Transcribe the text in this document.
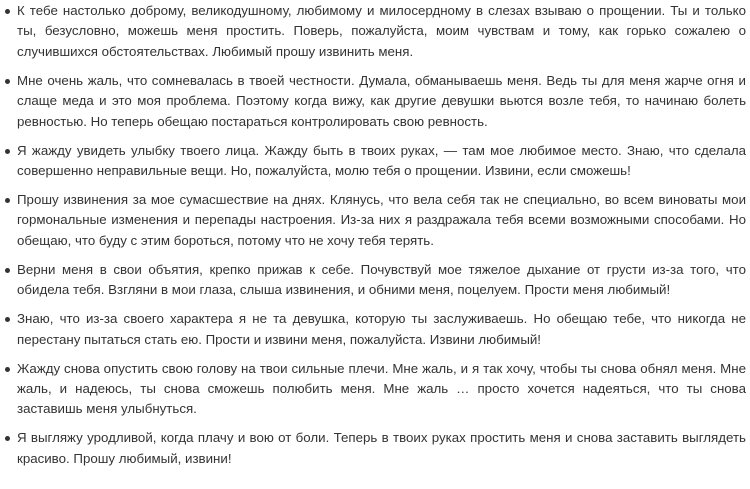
К тебе настолько доброму, великодушному, любимому и милосердному в слезах взываю о прощении. Ты и только ты, безусловно, можешь меня простить. Поверь, пожалуйста, моим чувствам и тому, как горько сожалею о случившихся обстоятельствах. Любимый прошу извинить меня.
Мне очень жаль, что сомневалась в твоей честности. Думала, обманываешь меня. Ведь ты для меня жарче огня и слаще меда и это моя проблема. Поэтому когда вижу, как другие девушки вьются возле тебя, то начинаю болеть ревностью. Но теперь обещаю постараться контролировать свою ревность.
Я жажду увидеть улыбку твоего лица. Жажду быть в твоих руках, — там мое любимое место. Знаю, что сделала совершенно неправильные вещи. Но, пожалуйста, молю тебя о прощении. Извини, если сможешь!
Прошу извинения за мое сумасшествие на днях. Клянусь, что вела себя так не специально, во всем виноваты мои гормональные изменения и перепады настроения. Из-за них я раздражала тебя всеми возможными способами. Но обещаю, что буду с этим бороться, потому что не хочу тебя терять.
Верни меня в свои объятия, крепко прижав к себе. Почувствуй мое тяжелое дыхание от грусти из-за того, что обидела тебя. Взгляни в мои глаза, слыша извинения, и обними меня, поцелуем. Прости меня любимый!
Знаю, что из-за своего характера я не та девушка, которую ты заслуживаешь. Но обещаю тебе, что никогда не перестану пытаться стать ею. Прости и извини меня, пожалуйста. Извини любимый!
Жажду снова опустить свою голову на твои сильные плечи. Мне жаль, и я так хочу, чтобы ты снова обнял меня. Мне жаль, и надеюсь, ты снова сможешь полюбить меня. Мне жаль … просто хочется надеяться, что ты снова заставишь меня улыбнуться.
Я выгляжу уродливой, когда плачу и вою от боли. Теперь в твоих руках простить меня и снова заставить выглядеть красиво. Прошу любимый, извини!
